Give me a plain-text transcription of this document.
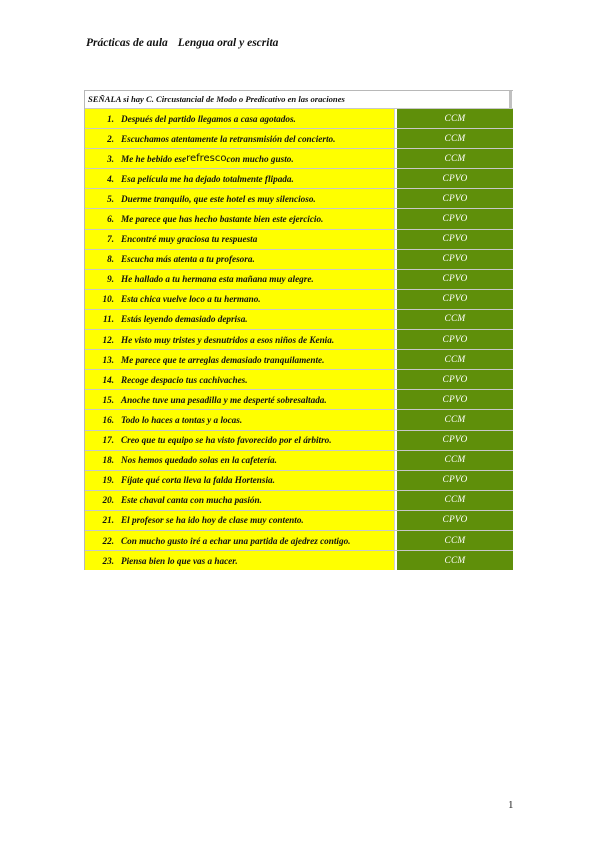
Prácticas de aula Lengua oral y escrita
SEÑALA si hay C. Circustancial de Modo o Predicativo en las oraciones
1. Después del partido llegamos a casa agotados.	CCM
2. Escuchamos atentamente la retransmisión del concierto.	CCM
3. Me he bebido ese refresco con mucho gusto.	CCM
4. Esa película me ha dejado totalmente flipada.	CPVO
5. Duerme tranquilo, que este hotel es muy silencioso.	CPVO
6. Me parece que has hecho bastante bien este ejercicio.	CPVO
7. Encontré muy graciosa tu respuesta	CPVO
8. Escucha más atenta a tu profesora.	CPVO
9. He hallado a tu hermana esta mañana muy alegre.	CPVO
10. Esta chica vuelve loco a tu hermano.	CPVO
11. Estás leyendo demasiado deprisa.	CCM
12. He visto muy tristes y desnutridos a esos niños de Kenia.	CPVO
13. Me parece que te arreglas demasiado tranquilamente.	CCM
14. Recoge despacio tus cachivaches.	CPVO
15. Anoche tuve una pesadilla y me desperté sobresaltada.	CPVO
16. Todo lo haces a tontas y a locas.	CCM
17. Creo que tu equipo se ha visto favorecido por el árbitro.	CPVO
18. Nos hemos quedado solas en la cafetería.	CCM
19. Fíjate qué corta lleva la falda Hortensia.	CPVO
20. Este chaval canta con mucha pasión.	CCM
21. El profesor se ha ido hoy de clase muy contento.	CPVO
22. Con mucho gusto iré a echar una partida de ajedrez contigo.	CCM
23. Piensa bien lo que vas a hacer.	CCM
1
